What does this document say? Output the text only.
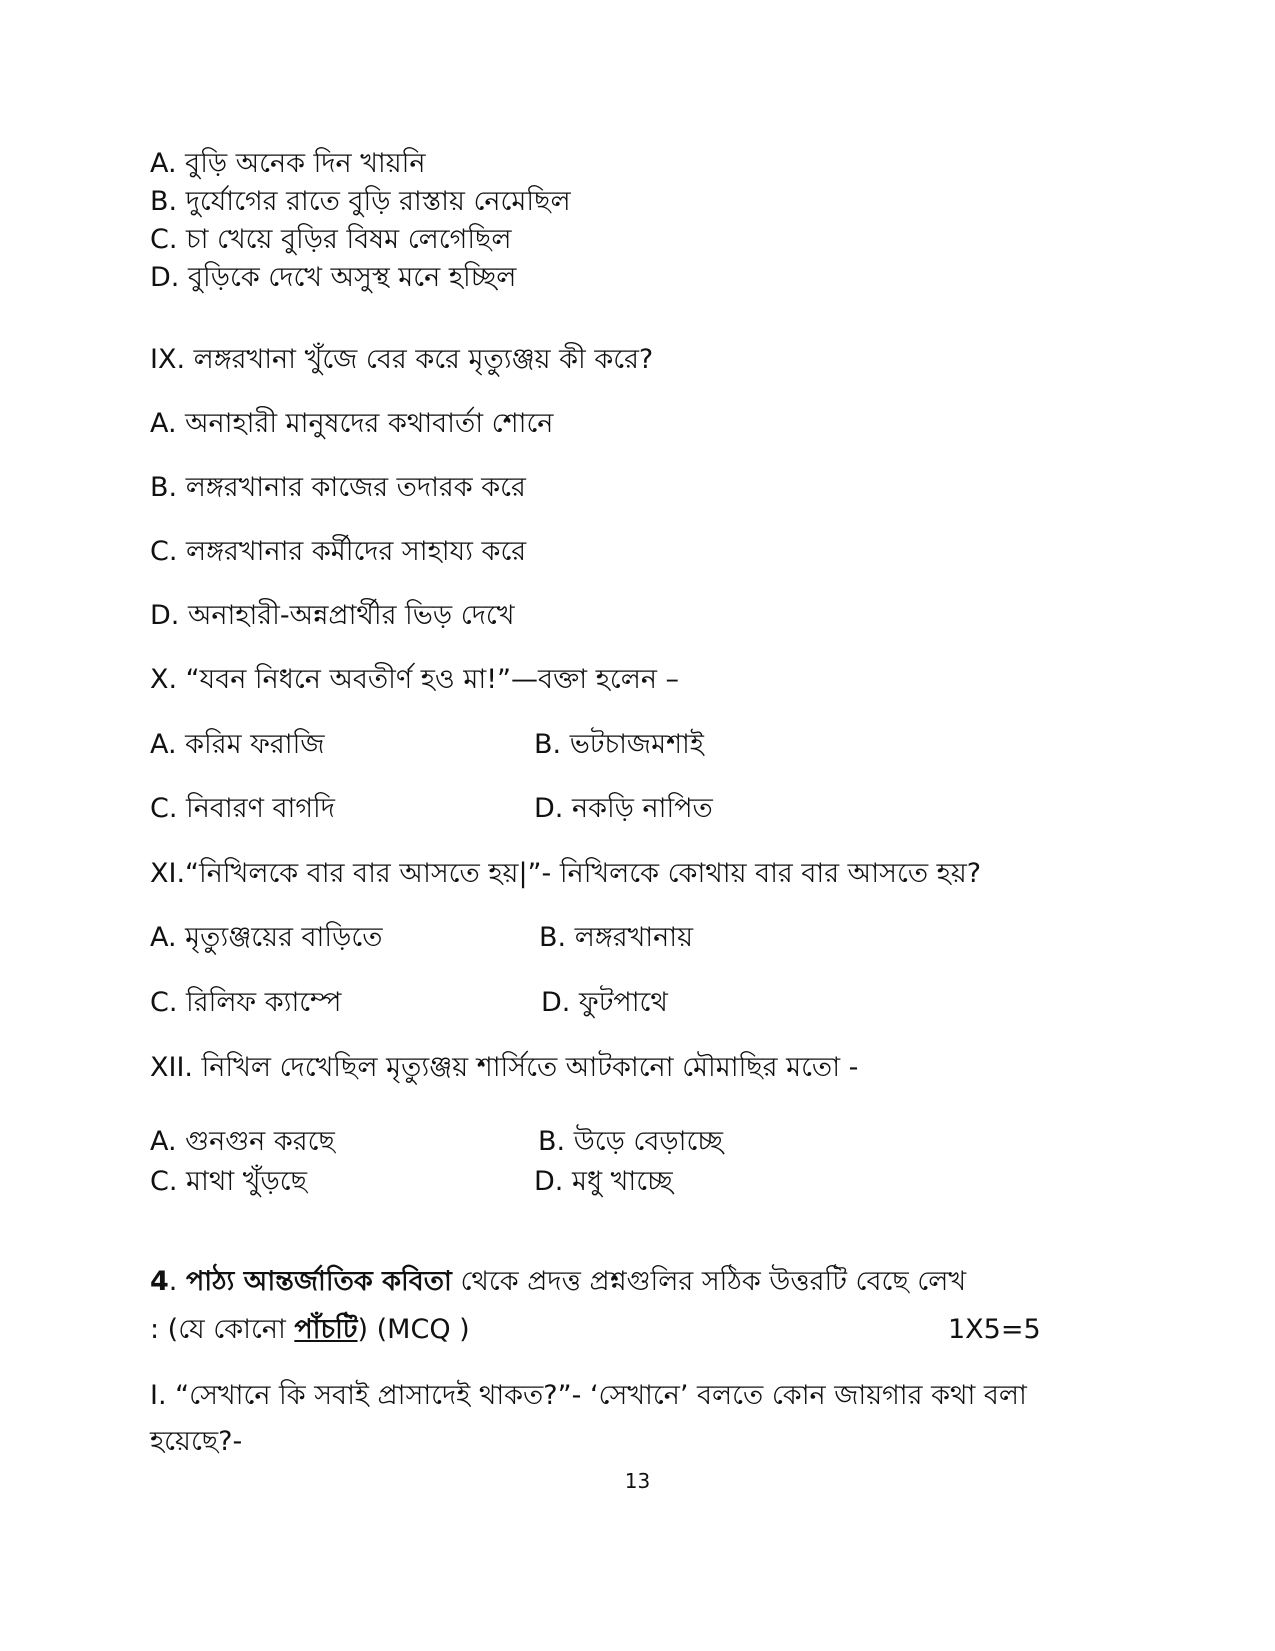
A. বুড়ি অনেক দিন খায়নি
B. দুর্যোগের রাতে বুড়ি রাস্তায় নেমেছিল
C. চা খেয়ে বুড়ির বিষম লেগেছিল
D. বুড়িকে দেখে অসুস্থ মনে হচ্ছিল
IX. লঙ্গরখানা খুঁজে বের করে মৃত্যুঞ্জয় কী করে?
A. অনাহারী মানুষদের কথাবার্তা শোনে
B. লঙ্গরখানার কাজের তদারক করে
C. লঙ্গরখানার কর্মীদের সাহায্য করে
D. অনাহারী-অন্নপ্রার্থীর ভিড় দেখে
X. “যবন নিধনে অবতীর্ণ হও মা!”—বক্তা হলেন –
A. করিম ফরাজি	B. ভটচাজমশাই
C. নিবারণ বাগদি	D. নকড়ি নাপিত
XI.“নিখিলকে বার বার আসতে হয়|”- নিখিলকে কোথায় বার বার আসতে হয়?
A. মৃত্যুঞ্জয়ের বাড়িতে	B. লঙ্গরখানায়
C. রিলিফ ক্যাম্পে	D. ফুটপাথে
XII. নিখিল দেখেছিল মৃত্যুঞ্জয় শার্সিতে আটকানো মৌমাছির মতো -
A. গুনগুন করছে	B. উড়ে বেড়াচ্ছে
C. মাথা খুঁড়ছে	D. মধু খাচ্ছে
4. পাঠ্য আন্তর্জাতিক কবিতা থেকে প্রদত্ত প্রশ্নগুলির সঠিক উত্তরটি বেছে লেখ
: (যে কোনো পাঁচটি) (MCQ )	1X5=5
I. “সেখানে কি সবাই প্রাসাদেই থাকত?”- ‘সেখানে’ বলতে কোন জায়গার কথা বলা
হয়েছে?-
13
